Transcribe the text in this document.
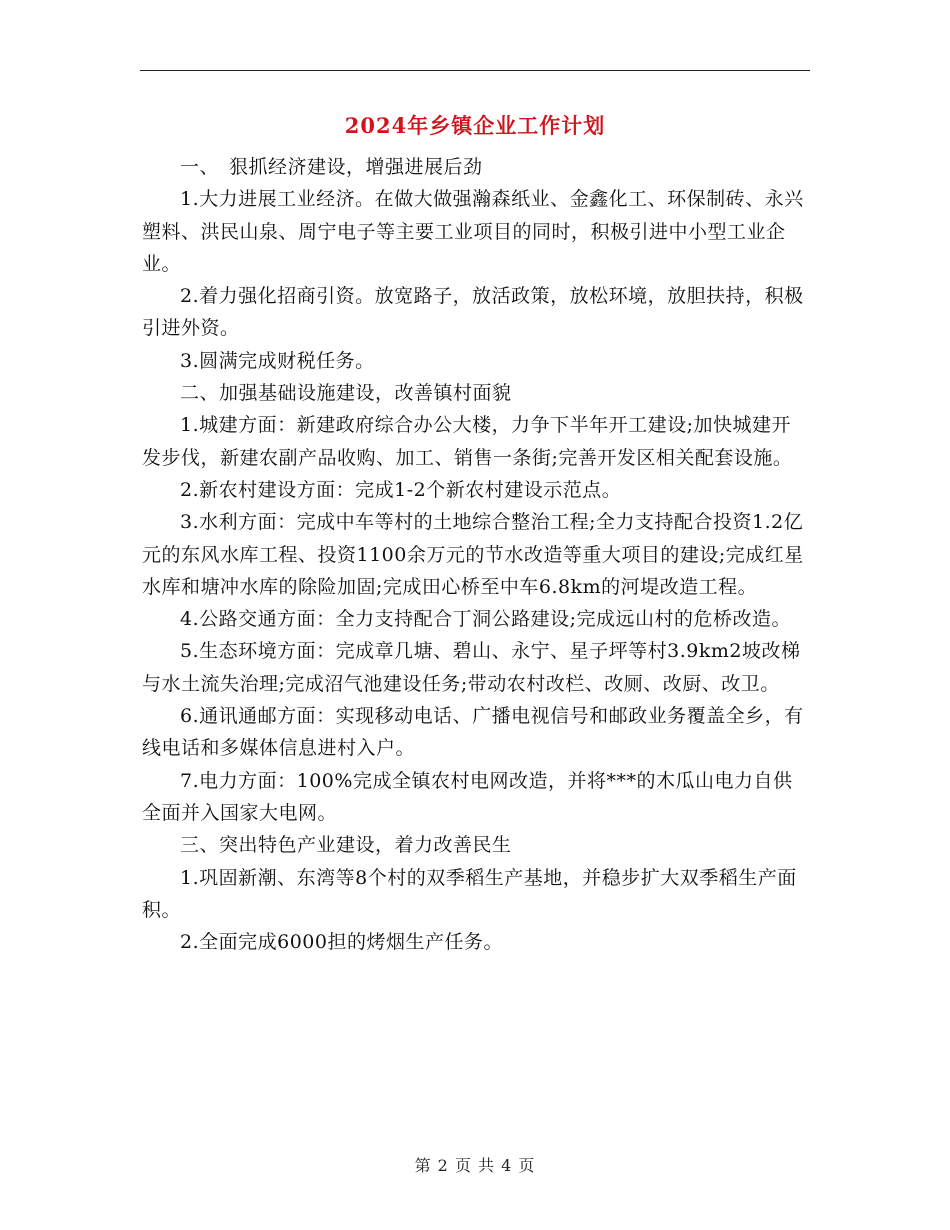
2024年乡镇企业工作计划

一、　狠抓经济建设，增强进展后劲

1.大力进展工业经济。在做大做强瀚森纸业、金鑫化工、环保制砖、永兴塑料、洪民山泉、周宁电子等主要工业项目的同时，积极引进中小型工业企业。

2.着力强化招商引资。放宽路子，放活政策，放松环境，放胆扶持，积极引进外资。

3.圆满完成财税任务。

二、加强基础设施建设，改善镇村面貌

1.城建方面：新建政府综合办公大楼，力争下半年开工建设;加快城建开发步伐，新建农副产品收购、加工、销售一条街;完善开发区相关配套设施。

2.新农村建设方面：完成1-2个新农村建设示范点。

3.水利方面：完成中车等村的土地综合整治工程;全力支持配合投资1.2亿元的东风水库工程、投资1100余万元的节水改造等重大项目的建设;完成红星水库和塘冲水库的除险加固;完成田心桥至中车6.8km的河堤改造工程。

4.公路交通方面：全力支持配合丁洞公路建设;完成远山村的危桥改造。

5.生态环境方面：完成章几塘、碧山、永宁、星子坪等村3.9km2坡改梯与水土流失治理;完成沼气池建设任务;带动农村改栏、改厕、改厨、改卫。

6.通讯通邮方面：实现移动电话、广播电视信号和邮政业务覆盖全乡，有线电话和多媒体信息进村入户。

7.电力方面：100%完成全镇农村电网改造，并将***的木瓜山电力自供全面并入国家大电网。

三、突出特色产业建设，着力改善民生

1.巩固新潮、东湾等8个村的双季稻生产基地，并稳步扩大双季稻生产面积。

2.全面完成6000担的烤烟生产任务。

第 2 页 共 4 页
